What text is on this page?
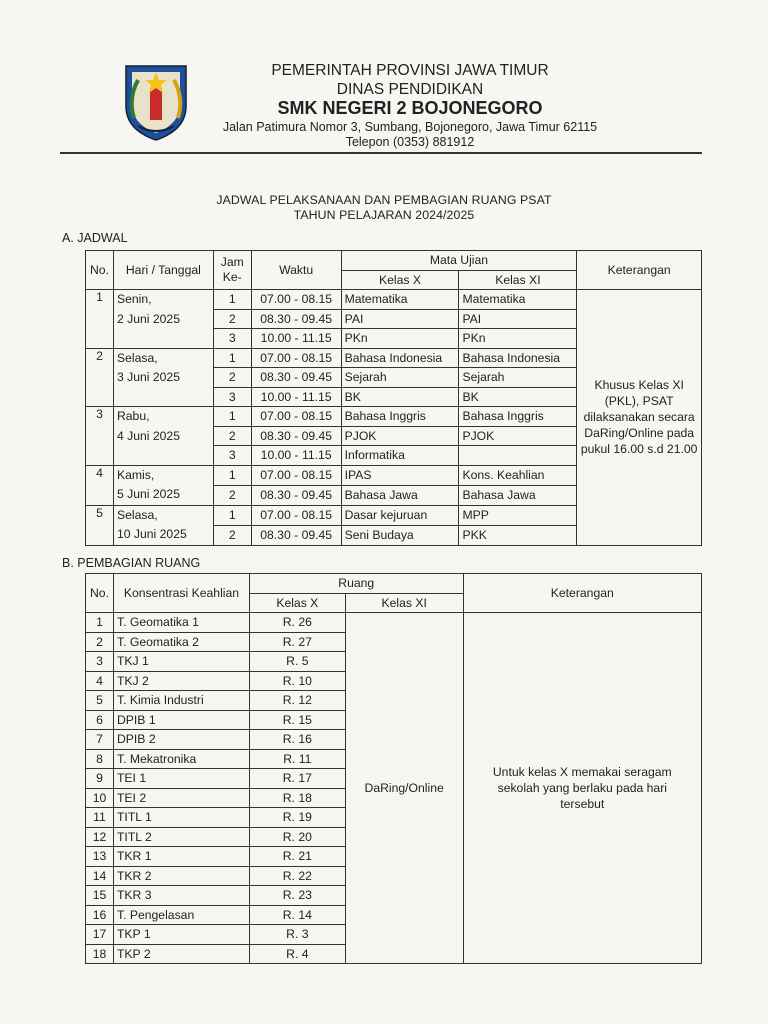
PEMERINTAH PROVINSI JAWA TIMUR
DINAS PENDIDIKAN
SMK NEGERI 2 BOJONEGORO
Jalan Patimura Nomor 3, Sumbang, Bojonegoro, Jawa Timur 62115
Telepon (0353) 881912
JADWAL PELAKSANAAN DAN PEMBAGIAN RUANG PSAT
TAHUN PELAJARAN 2024/2025
A. JADWAL
No.	Hari / Tanggal	Jam Ke-	Waktu	Mata Ujian		Keterangan
				Kelas X	Kelas XI	
1	Senin,
2 Juni 2025	1	07.00 - 08.15	Matematika	Matematika	Khusus Kelas XI (PKL), PSAT dilaksanakan secara DaRing/Online pada pukul 16.00 s.d 21.00
		2	08.30 - 09.45	PAI	PAI	
		3	10.00 - 11.15	PKn	PKn	
2	Selasa,
3 Juni 2025	1	07.00 - 08.15	Bahasa Indonesia	Bahasa Indonesia	
		2	08.30 - 09.45	Sejarah	Sejarah	
		3	10.00 - 11.15	BK	BK	
3	Rabu,
4 Juni 2025	1	07.00 - 08.15	Bahasa Inggris	Bahasa Inggris	
		2	08.30 - 09.45	PJOK	PJOK	
		3	10.00 - 11.15	Informatika		
4	Kamis,
5 Juni 2025	1	07.00 - 08.15	IPAS	Kons. Keahlian	
		2	08.30 - 09.45	Bahasa Jawa	Bahasa Jawa	
5	Selasa,
10 Juni 2025	1	07.00 - 08.15	Dasar kejuruan	MPP	
		2	08.30 - 09.45	Seni Budaya	PKK	
B. PEMBAGIAN RUANG
No.	Konsentrasi Keahlian	Ruang		Keterangan
		Kelas X	Kelas XI	
1	T. Geomatika 1	R. 26	DaRing/Online	Untuk kelas X memakai seragam sekolah yang berlaku pada hari tersebut
2	T. Geomatika 2	R. 27		
3	TKJ 1	R. 5		
4	TKJ 2	R. 10		
5	T. Kimia Industri	R. 12		
6	DPIB 1	R. 15		
7	DPIB 2	R. 16		
8	T. Mekatronika	R. 11		
9	TEI 1	R. 17		
10	TEI 2	R. 18		
11	TITL 1	R. 19		
12	TITL 2	R. 20		
13	TKR 1	R. 21		
14	TKR 2	R. 22		
15	TKR 3	R. 23		
16	T. Pengelasan	R. 14		
17	TKP 1	R. 3		
18	TKP 2	R. 4		
